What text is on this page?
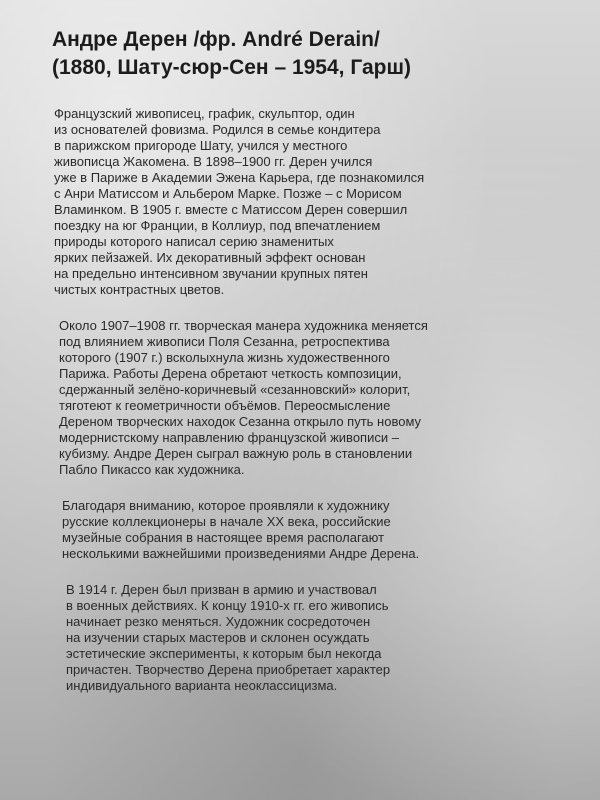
Андре Дерен /фр. André Derain/
(1880, Шату-сюр-Сен – 1954, Гарш)

Французский живописец, график, скульптор, один
из основателей фовизма. Родился в семье кондитера
в парижском пригороде Шату, учился у местного
живописца Жакомена. В 1898–1900 гг. Дерен учился
уже в Париже в Академии Эжена Карьера, где познакомился
с Анри Матиссом и Альбером Марке. Позже – с Морисом
Вламинком. В 1905 г. вместе с Матиссом Дерен совершил
поездку на юг Франции, в Коллиур, под впечатлением
природы которого написал серию знаменитых
ярких пейзажей. Их декоративный эффект основан
на предельно интенсивном звучании крупных пятен
чистых контрастных цветов.

Около 1907–1908 гг. творческая манера художника меняется
под влиянием живописи Поля Сезанна, ретроспектива
которого (1907 г.) всколыхнула жизнь художественного
Парижа. Работы Дерена обретают четкость композиции,
сдержанный зелёно-коричневый «сезанновский» колорит,
тяготеют к геометричности объёмов. Переосмысление
Дереном творческих находок Сезанна открыло путь новому
модернистскому направлению французской живописи –
кубизму. Андре Дерен сыграл важную роль в становлении
Пабло Пикассо как художника.

Благодаря вниманию, которое проявляли к художнику
русские коллекционеры в начале XX века, российские
музейные собрания в настоящее время располагают
несколькими важнейшими произведениями Андре Дерена.

В 1914 г. Дерен был призван в армию и участвовал
в военных действиях. К концу 1910-х гг. его живопись
начинает резко меняться. Художник сосредоточен
на изучении старых мастеров и склонен осуждать
эстетические эксперименты, к которым был некогда
причастен. Творчество Дерена приобретает характер
индивидуального варианта неоклассицизма.
